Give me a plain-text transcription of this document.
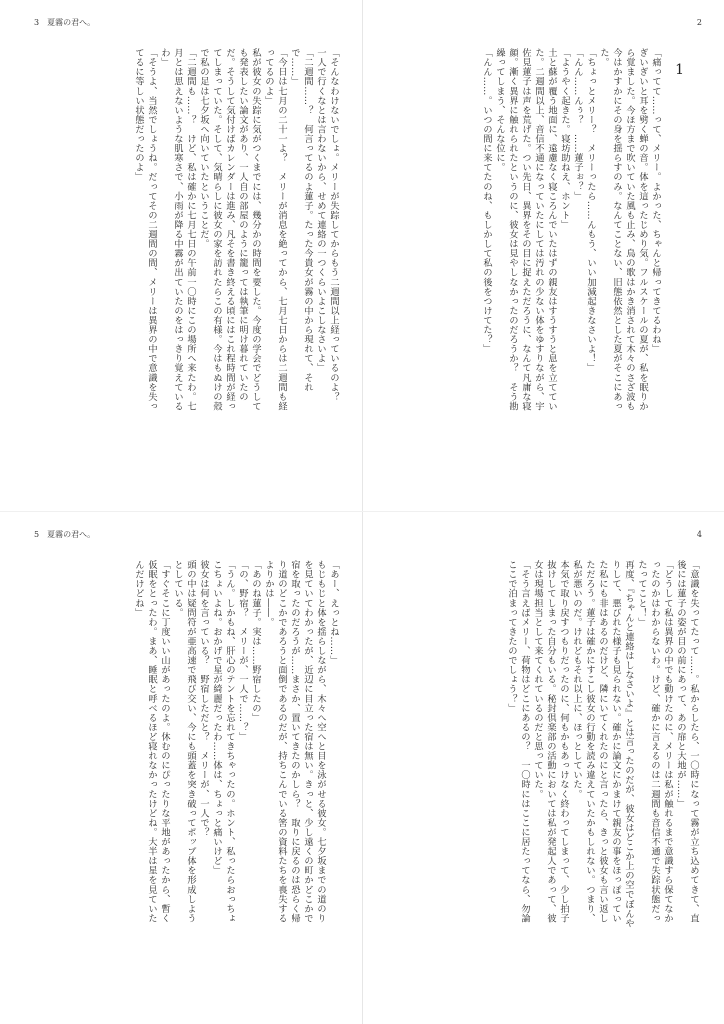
3  夏霧の君へ。

「そんなわけないでしょ。メリーが失踪してからもう二週間以上経っているのよ？　一人で行くなとは言わないから、せめて連絡の一つくらいよこしなさいよ」

「二週間……？　何言ってるのよ蓮子。たった今貴女が霧の中から現れて、それで……」

「今日は七月の二十一よ？　メリーが消息を絶ってから、七月七日からは二週間も経ってるのよ」

私が彼女の失踪に気がつくまでには、幾分かの時間を要した。今度の学会でどうしても発表したい論文があり、一人自の部屋のように籠っては執筆に明け暮れていたのだ。そうして気付けばカレンダーは進み、凡そを書き終える頃にはこれ程時間が経ってしまっていた。そして、気晴らしに彼女の家を訪れたらこの有様。今はもぬけの殻で私の足は七夕坂へ向いていたということだ。

「二週間も……？　けど、私は確かに七月七日の午前一〇時にこの場所へ来たわ。七月とは思えないような肌寒さで、小雨が降る中霧が出ていたのをはっきり覚えているわ」

「そうよ、当然でしょうね。だってその二週間の間、メリーは異界の中で意識を失ってるに等しい状態だったのよ」

2
1

「痛ってて……って、メリー。よかった、ちゃんと帰ってきてるわね」

ぎいぎいと耳を劈く蝉の音。体を這ったじめり気。フルスケールの夏が、私を眠りから覚ました。今ほ方まで吹いていた風も止み、鳥の歌はかき消されて木々のさざ波も今はかすかにその身を揺らすのみ。なんてことない、旧態依然とした夏がそこにあった。

「ちょっとメリー？　メリーったら……んもう、いい加減起きなさいよ！」

「んん……んぅ？　……蓮子ぉ？」

「ようやく起きた。寝坊助ねえ、ホント」

土と蘇が覆う地面に、遠慮なく寝ころんでいたはずの親友はすうすうと息を立てていた。二週間以上、音信不通になっていたにしては汚れの少ない体をゆすりながら、宇佐見蓮子は声を荒げた。つい先日、異界をその目に捉えただろうに、なんて凡庸な寝顔。漸く異界に触れられたというのに、彼女は見やしなかったのだろうか？　そう勘繰ってしまう、そんな位に。

「んん……。いつの間に来てたのね、もしかして私の後をつけてた？」

5  夏霧の君へ。

「あー、えっとね……」

もじもじと体を揺らしながら、木々へ空へと目を泳がせる彼女。七夕坂までの道のりを見ていてわかったが、近辺に目立った宿は無い。きっと、少し遠くの町かどこかで宿を取ったのだろうが……まさか、置いてきたのかしら？　取りに戻るのは恐らく帰り道のどこかであろうと面倒であるのだが、持ちこんでいる筈の資料たちを喪失するよりかは――。

「あのね蓮子。実は……野宿したの」

「の、野宿？　メリーが、一人で……？」

「うん。しかもね、肝心のテントを忘れてきちゃったの。ホント、私ったらおっちょこちょいよね。おかげで星が綺麗だったわ……体は、ちょっと痛いけど」

彼女は何を言っている？　野宿しただと？　メリーが、一人で？

頭の中は疑問符が亜高速で飛び交い、今にも頭蓋を突き破ってポップ体を形成しようとしている。

「すぐそこに丁度いい山があったのよ。休むのにぴったりな平地があったから、暫く仮眠をとったわ。まあ、睡眠と呼べるほど寝れなかったけどね。大半は星を見ていたんだけどね」

4

「意識を失ってたって……。私からしたら、一〇時になって霧が立ち込めてきて、直後には蓮子の姿が目の前にあって、あの扉と大地が……」

「どうして私は異界の中でも動けたのに、メリーは私が触れるまで意識すら保てなかったのかはわからないわ。けど、確かに言えるのは二週間も音信不通で失踪状態だったってこと！」

再度、『ちゃんと連絡はしなさいよ』とは言ったのだが、彼女はどこか上の空でぼんやりして、悪びれた様子も見られない。確かに論文にかまけて親友の事をほっぽっていた私にも非はあるのだけど、隣にいてくれたのにと言ったら、きっと彼女も言い返しただろう。蓮子は確かにすこし彼女の行動を読み違えていたかもしれない。つまり、私が悪いのだ。けれどもそれ以上に、ほっとしていた。

本気で取り戻すつもりだったのに、何もかもあっけなく終わってしまって、少し拍子抜けしてしまった自分もいる。秘封倶楽部の活動においては私が発起人であって、彼女は現場担当として来てくれているのだと思っていた。

「そう言えばメリー、荷物はどこにあるの？　一〇時にはここに居たってなら、勿論ここで泊まってきたのでしょう？」
